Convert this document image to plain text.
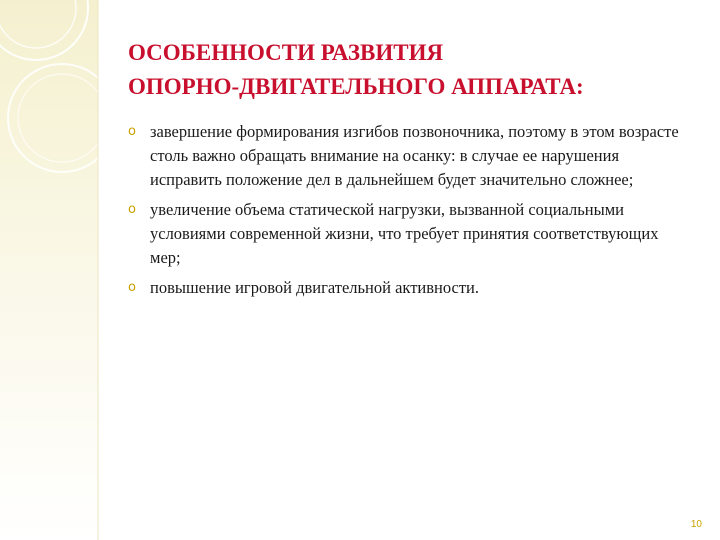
ОСОБЕННОСТИ РАЗВИТИЯ
ОПОРНО-ДВИГАТЕЛЬНОГО АППАРАТА:
o завершение формирования изгибов позвоночника, поэтому в этом возрасте столь важно обращать внимание на осанку: в случае ее нарушения исправить положение дел в дальнейшем будет значительно сложнее;
o увеличение объема статической нагрузки, вызванной социальными условиями современной жизни, что требует принятия соответствующих мер;
o повышение игровой двигательной активности.
10
